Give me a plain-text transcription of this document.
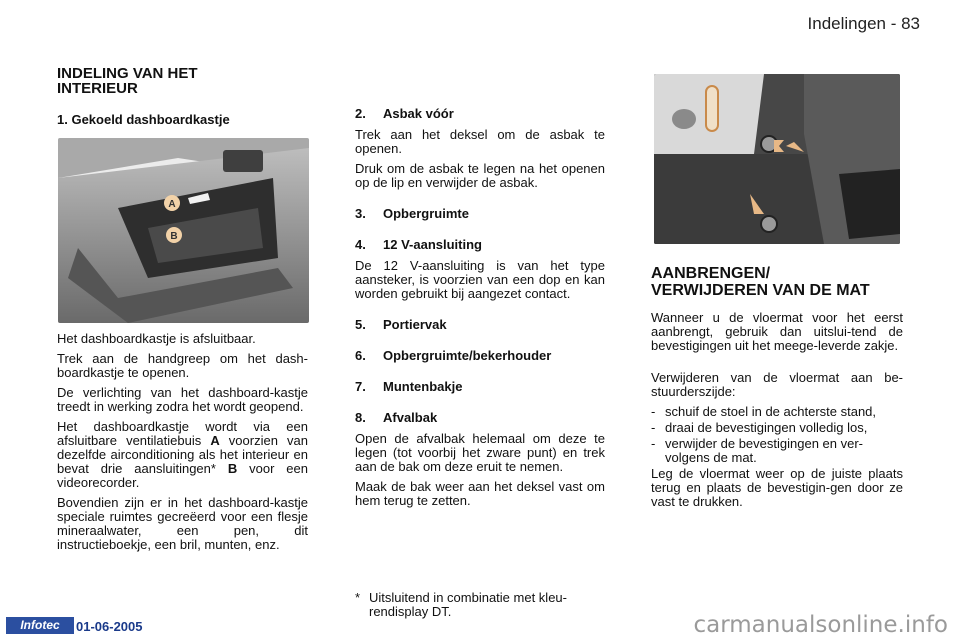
Indelingen - 83
INDELING VAN HET INTERIEUR
1. Gekoeld dashboardkastje
A
B

Het dashboardkastje is afsluitbaar.

Trek aan de handgreep om het dash-boardkastje te openen.

De verlichting van het dashboard-kastje treedt in werking zodra het wordt geopend.

Het dashboardkastje wordt via een afsluitbare ventilatiebuis A voorzien van dezelfde airconditioning als het interieur en bevat drie aansluitingen* B voor een videorecorder.

Bovendien zijn er in het dashboard-kastje speciale ruimtes gecreëerd voor een flesje mineraalwater, een pen, dit instructieboekje, een bril, munten, enz.

2. Asbak vóór

Trek aan het deksel om de asbak te openen.

Druk om de asbak te legen na het openen op de lip en verwijder de asbak.

3. Opbergruimte
4. 12 V-aansluiting

De 12 V-aansluiting is van het type aansteker, is voorzien van een dop en kan worden gebruikt bij aangezet contact.

5. Portiervak
6. Opbergruimte/bekerhouder
7. Muntenbakje
8. Afvalbak

Open de afvalbak helemaal om deze te legen (tot voorbij het zware punt) en trek aan de bak om deze eruit te nemen.

Maak de bak weer aan het deksel vast om hem terug te zetten.

* Uitsluitend in combinatie met kleu-rendisplay DT.
AANBRENGEN/
VERWIJDEREN VAN DE MAT

Wanneer u de vloermat voor het eerst aanbrengt, gebruik dan uitslui-tend de bevestigingen uit het meege-leverde zakje.

Verwijderen van de vloermat aan be-stuurderszijde:

- schuif de stoel in de achterste stand,
- draai de bevestigingen volledig los,
- verwijder de bevestigingen en ver-volgens de mat.

Leg de vloermat weer op de juiste plaats terug en plaats de bevestigin-gen door ze vast te drukken.

Infotec	01-06-2005	carmanualsonline.info
